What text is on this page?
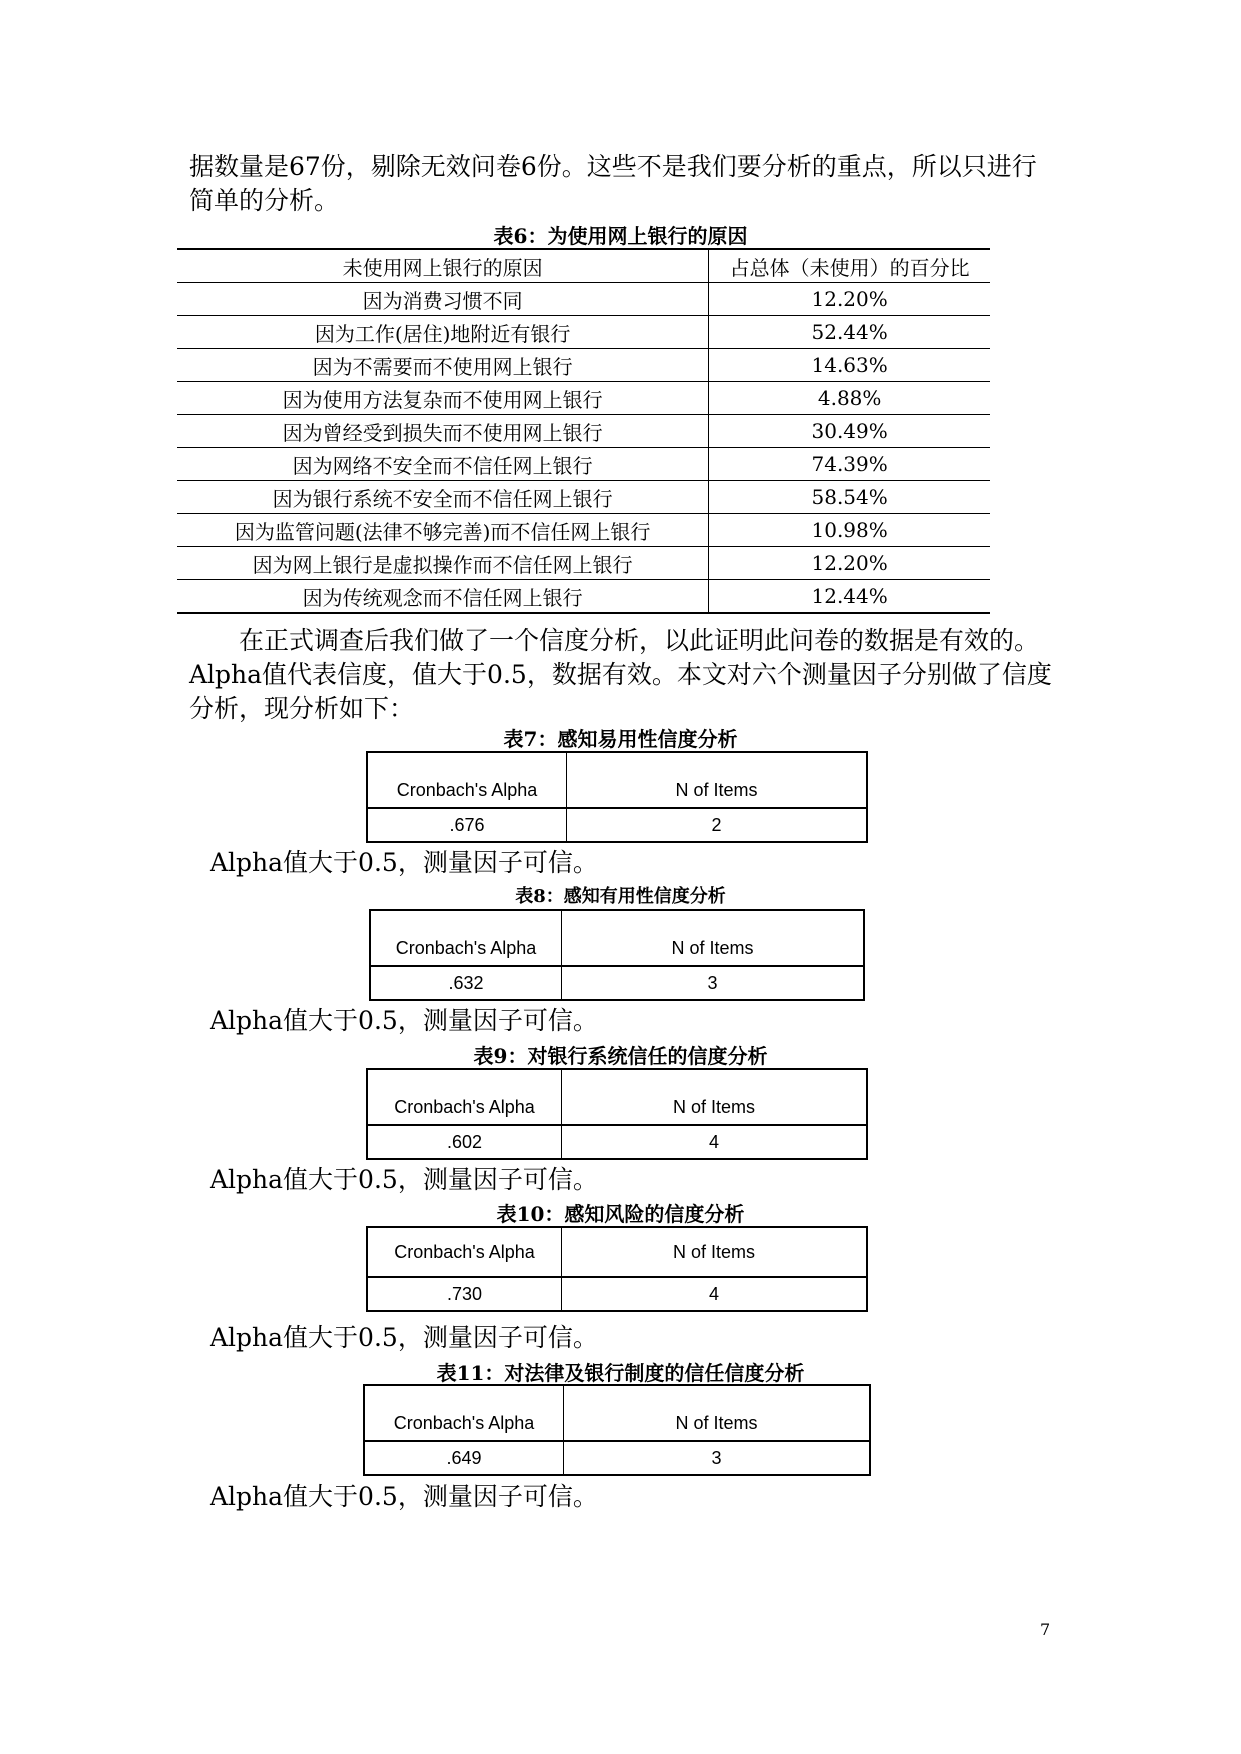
据数量是67份，剔除无效问卷6份。这些不是我们要分析的重点，所以只进行简单的分析。

表6：为使用网上银行的原因

未使用网上银行的原因	占总体（未使用）的百分比
因为消费习惯不同	12.20%
因为工作(居住)地附近有银行	52.44%
因为不需要而不使用网上银行	14.63%
因为使用方法复杂而不使用网上银行	4.88%
因为曾经受到损失而不使用网上银行	30.49%
因为网络不安全而不信任网上银行	74.39%
因为银行系统不安全而不信任网上银行	58.54%
因为监管问题(法律不够完善)而不信任网上银行	10.98%
因为网上银行是虚拟操作而不信任网上银行	12.20%
因为传统观念而不信任网上银行	12.44%

在正式调查后我们做了一个信度分析，以此证明此问卷的数据是有效的。Alpha值代表信度，值大于0.5，数据有效。本文对六个测量因子分别做了信度分析，现分析如下：

表7：感知易用性信度分析

Cronbach's Alpha	N of Items
.676	2

Alpha值大于0.5，测量因子可信。

表8：感知有用性信度分析

Cronbach's Alpha	N of Items
.632	3

Alpha值大于0.5，测量因子可信。

表9：对银行系统信任的信度分析

Cronbach's Alpha	N of Items
.602	4

Alpha值大于0.5，测量因子可信。

表10：感知风险的信度分析

Cronbach's Alpha	N of Items
.730	4

Alpha值大于0.5，测量因子可信。

表11：对法律及银行制度的信任信度分析

Cronbach's Alpha	N of Items
.649	3

Alpha值大于0.5，测量因子可信。

7
